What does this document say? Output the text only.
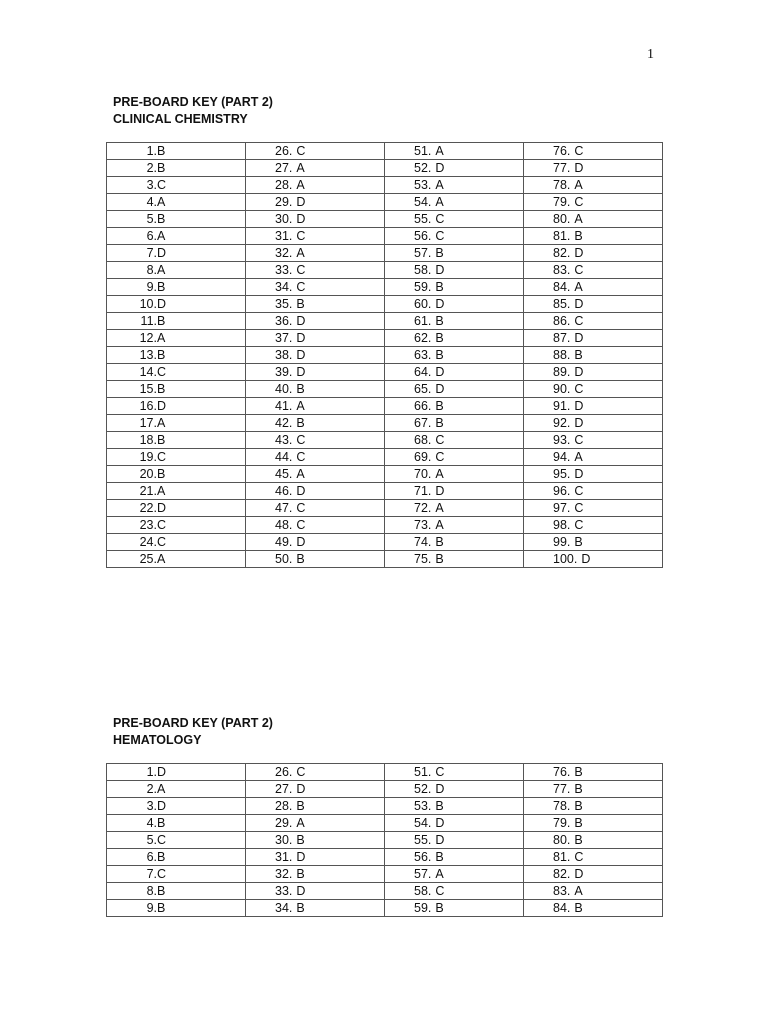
1
PRE-BOARD KEY (PART 2)
CLINICAL CHEMISTRY
1.B	26. C	51. A	76. C
2.B	27. A	52. D	77. D
3.C	28. A	53. A	78. A
4.A	29. D	54. A	79. C
5.B	30. D	55. C	80. A
6.A	31. C	56. C	81. B
7.D	32. A	57. B	82. D
8.A	33. C	58. D	83. C
9.B	34. C	59. B	84. A
10.D	35. B	60. D	85. D
11.B	36. D	61. B	86. C
12.A	37. D	62. B	87. D
13.B	38. D	63. B	88. B
14.C	39. D	64. D	89. D
15.B	40. B	65. D	90. C
16.D	41. A	66. B	91. D
17.A	42. B	67. B	92. D
18.B	43. C	68. C	93. C
19.C	44. C	69. C	94. A
20.B	45. A	70. A	95. D
21.A	46. D	71. D	96. C
22.D	47. C	72. A	97. C
23.C	48. C	73. A	98. C
24.C	49. D	74. B	99. B
25.A	50. B	75. B	100. D
PRE-BOARD KEY (PART 2)
HEMATOLOGY
1.D	26. C	51. C	76. B
2.A	27. D	52. D	77. B
3.D	28. B	53. B	78. B
4.B	29. A	54. D	79. B
5.C	30. B	55. D	80. B
6.B	31. D	56. B	81. C
7.C	32. B	57. A	82. D
8.B	33. D	58. C	83. A
9.B	34. B	59. B	84. B
